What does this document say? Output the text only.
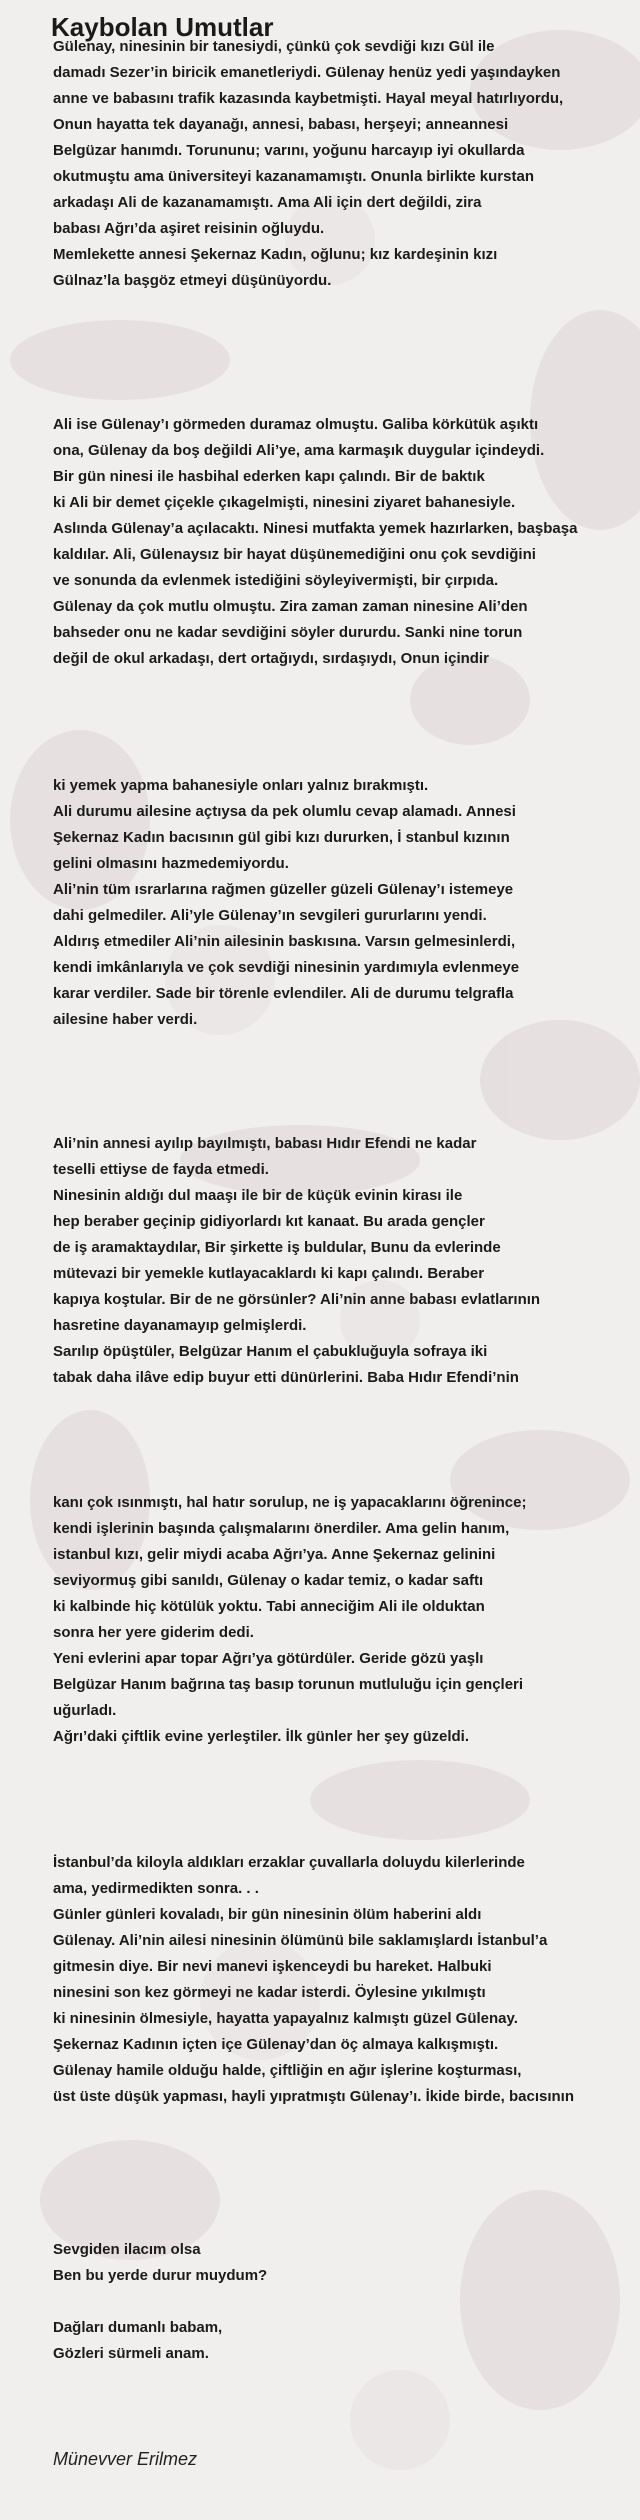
Kaybolan Umutlar
Gülenay, ninesinin bir tanesiydi, çünkü çok sevdiği kızı Gül ile
damadı Sezer’in biricik emanetleriydi. Gülenay henüz yedi yaşındayken
anne ve babasını trafik kazasında kaybetmişti. Hayal meyal hatırlıyordu,
Onun hayatta tek dayanağı, annesi, babası, herşeyi; anneannesi
Belgüzar hanımdı. Torununu; varını, yoğunu harcayıp iyi okullarda
okutmuştu ama üniversiteyi kazanamamıştı. Onunla birlikte kurstan
arkadaşı Ali de kazanamamıştı. Ama Ali için dert değildi, zira
babası Ağrı’da aşiret reisinin oğluydu.
Memlekette annesi Şekernaz Kadın, oğlunu; kız kardeşinin kızı
Gülnaz’la başgöz etmeyi düşünüyordu.
Ali ise Gülenay’ı görmeden duramaz olmuştu. Galiba körkütük aşıktı
ona, Gülenay da boş değildi Ali’ye, ama karmaşık duygular içindeydi.
Bir gün ninesi ile hasbihal ederken kapı çalındı. Bir de baktık
ki Ali bir demet çiçekle çıkagelmişti, ninesini ziyaret bahanesiyle.
Aslında Gülenay’a açılacaktı. Ninesi mutfakta yemek hazırlarken, başbaşa
kaldılar. Ali, Gülenaysız bir hayat düşünemediğini onu çok sevdiğini
ve sonunda da evlenmek istediğini söyleyivermişti, bir çırpıda.
Gülenay da çok mutlu olmuştu. Zira zaman zaman ninesine Ali’den
bahseder onu ne kadar sevdiğini söyler dururdu. Sanki nine torun
değil de okul arkadaşı, dert ortağıydı, sırdaşıydı, Onun içindir
ki yemek yapma bahanesiyle onları yalnız bırakmıştı.
Ali durumu ailesine açtıysa da pek olumlu cevap alamadı. Annesi
Şekernaz Kadın bacısının gül gibi kızı dururken, İ stanbul kızının
gelini olmasını hazmedemiyordu.
Ali’nin tüm ısrarlarına rağmen güzeller güzeli Gülenay’ı istemeye
dahi gelmediler. Ali’yle Gülenay’ın sevgileri gururlarını yendi.
Aldırış etmediler Ali’nin ailesinin baskısına. Varsın gelmesinlerdi,
kendi imkânlarıyla ve çok sevdiği ninesinin yardımıyla evlenmeye
karar verdiler. Sade bir törenle evlendiler. Ali de durumu telgrafla
ailesine haber verdi.
Ali’nin annesi ayılıp bayılmıştı, babası Hıdır Efendi ne kadar
teselli ettiyse de fayda etmedi.
Ninesinin aldığı dul maaşı ile bir de küçük evinin kirası ile
hep beraber geçinip gidiyorlardı kıt kanaat. Bu arada gençler
de iş aramaktaydılar, Bir şirkette iş buldular, Bunu da evlerinde
mütevazi bir yemekle kutlayacaklardı ki kapı çalındı. Beraber
kapıya koştular. Bir de ne görsünler? Ali’nin anne babası evlatlarının
hasretine dayanamayıp gelmişlerdi.
Sarılıp öpüştüler, Belgüzar Hanım el çabukluğuyla sofraya iki
tabak daha ilâve edip buyur etti dünürlerini. Baba Hıdır Efendi’nin
kanı çok ısınmıştı, hal hatır sorulup, ne iş yapacaklarını öğrenince;
kendi işlerinin başında çalışmalarını önerdiler. Ama gelin hanım,
istanbul kızı, gelir miydi acaba Ağrı’ya. Anne Şekernaz gelinini
seviyormuş gibi sanıldı, Gülenay o kadar temiz, o kadar saftı
ki kalbinde hiç kötülük yoktu. Tabi anneciğim Ali ile olduktan
sonra her yere giderim dedi.
Yeni evlerini apar topar Ağrı’ya götürdüler. Geride gözü yaşlı
Belgüzar Hanım bağrına taş basıp torunun mutluluğu için gençleri
uğurladı.
Ağrı’daki çiftlik evine yerleştiler. İlk günler her şey güzeldi.
İstanbul’da kiloyla aldıkları erzaklar çuvallarla doluydu kilerlerinde
ama, yedirmedikten sonra. . .
Günler günleri kovaladı, bir gün ninesinin ölüm haberini aldı
Gülenay. Ali’nin ailesi ninesinin ölümünü bile saklamışlardı İstanbul’a
gitmesin diye. Bir nevi manevi işkenceydi bu hareket. Halbuki
ninesini son kez görmeyi ne kadar isterdi. Öylesine yıkılmıştı
ki ninesinin ölmesiyle, hayatta yapayalnız kalmıştı güzel Gülenay.
Şekernaz Kadının içten içe Gülenay’dan öç almaya kalkışmıştı.
Gülenay hamile olduğu halde, çiftliğin en ağır işlerine koşturması,
üst üste düşük yapması, hayli yıpratmıştı Gülenay’ı. İkide birde, bacısının
Sevgiden ilacım olsa
Ben bu yerde durur muydum?
Dağları dumanlı babam,
Gözleri sürmeli anam.
Münevver Erilmez
